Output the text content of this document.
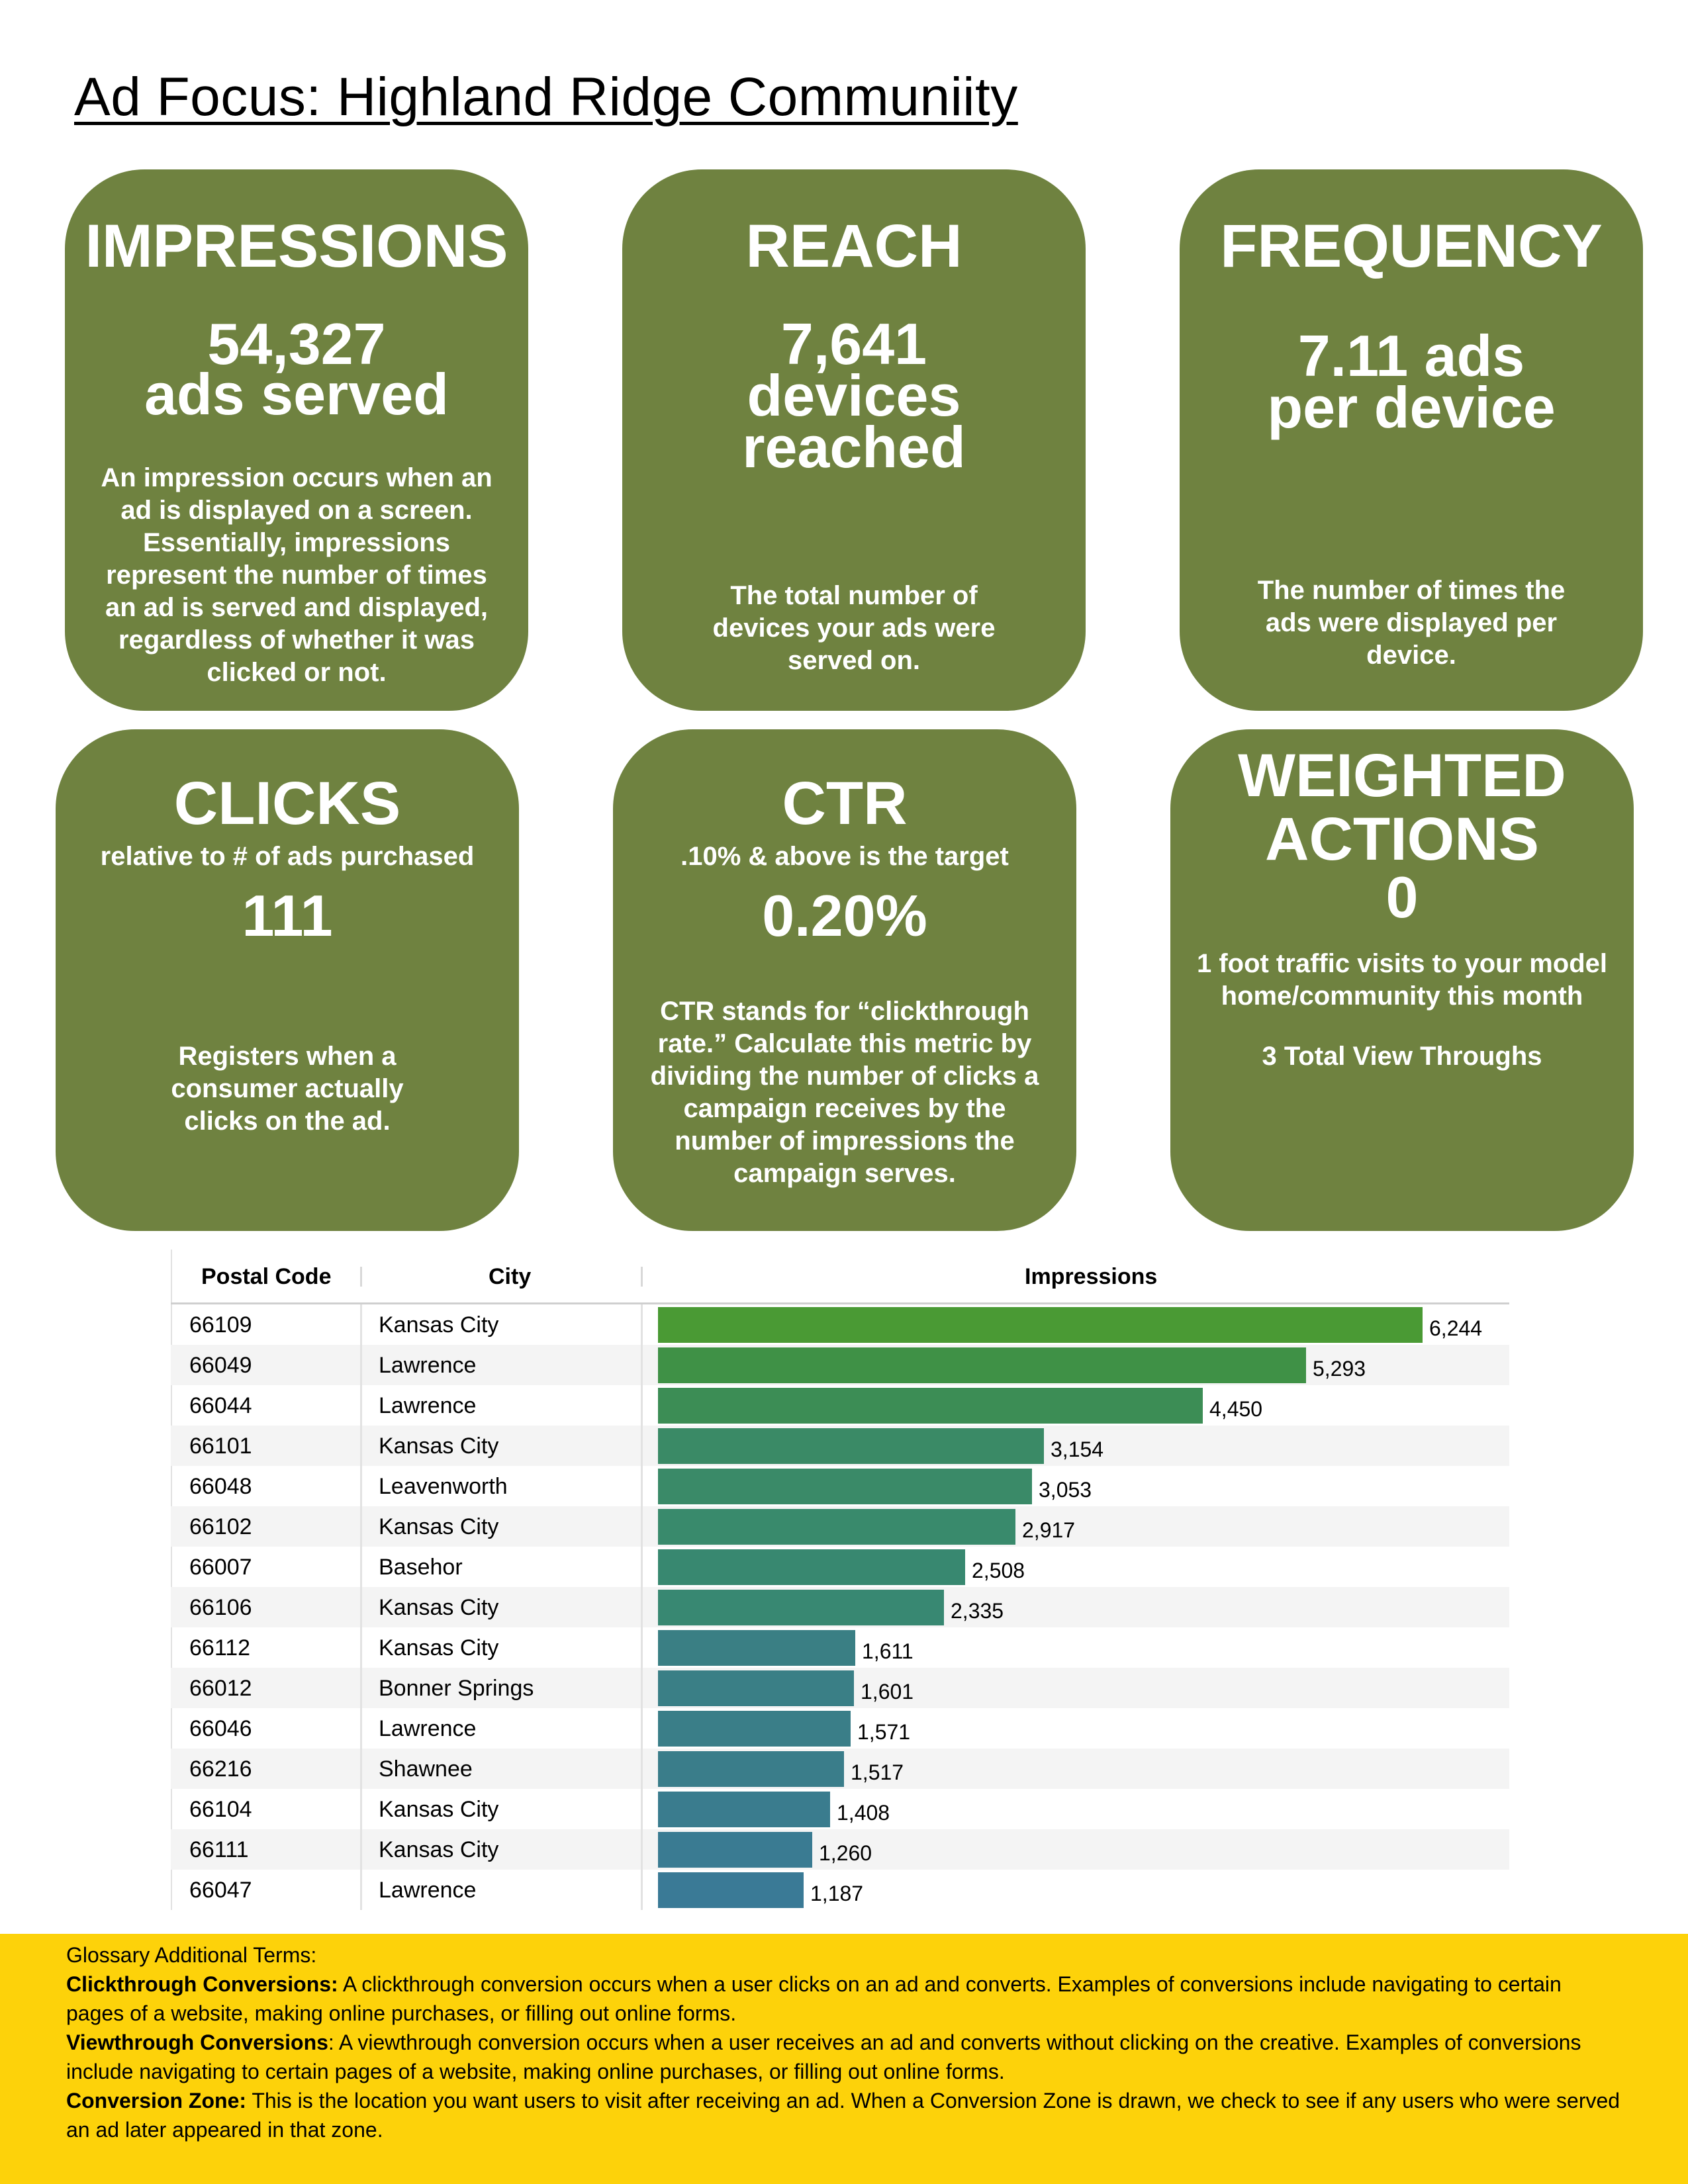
Ad Focus: Highland Ridge Communiity
IMPRESSIONS
54,327
ads served
An impression occurs when an ad is displayed on a screen. Essentially, impressions represent the number of times an ad is served and displayed, regardless of whether it was clicked or not.
REACH
7,641
devices
reached
The total number of devices your ads were served on.
FREQUENCY
7.11 ads
per device
The number of times the ads were displayed per device.
CLICKS
relative to # of ads purchased
111
Registers when a consumer actually clicks on the ad.
CTR
.10% & above is the target
0.20%
CTR stands for “clickthrough rate.” Calculate this metric by dividing the number of clicks a campaign receives by the number of impressions the campaign serves.
WEIGHTED
ACTIONS
0
1 foot traffic visits to your model home/community this month
3 Total View Throughs
Postal Code	City	Impressions
66109	Kansas City	6,244
66049	Lawrence	5,293
66044	Lawrence	4,450
66101	Kansas City	3,154
66048	Leavenworth	3,053
66102	Kansas City	2,917
66007	Basehor	2,508
66106	Kansas City	2,335
66112	Kansas City	1,611
66012	Bonner Springs	1,601
66046	Lawrence	1,571
66216	Shawnee	1,517
66104	Kansas City	1,408
66111	Kansas City	1,260
66047	Lawrence	1,187

Glossary Additional Terms:

Clickthrough Conversions: A clickthrough conversion occurs when a user clicks on an ad and converts. Examples of conversions include navigating to certain pages of a website, making online purchases, or filling out online forms.

Viewthrough Conversions: A viewthrough conversion occurs when a user receives an ad and converts without clicking on the creative. Examples of conversions include navigating to certain pages of a website, making online purchases, or filling out online forms.

Conversion Zone: This is the location you want users to visit after receiving an ad. When a Conversion Zone is drawn, we check to see if any users who were served an ad later appeared in that zone.
